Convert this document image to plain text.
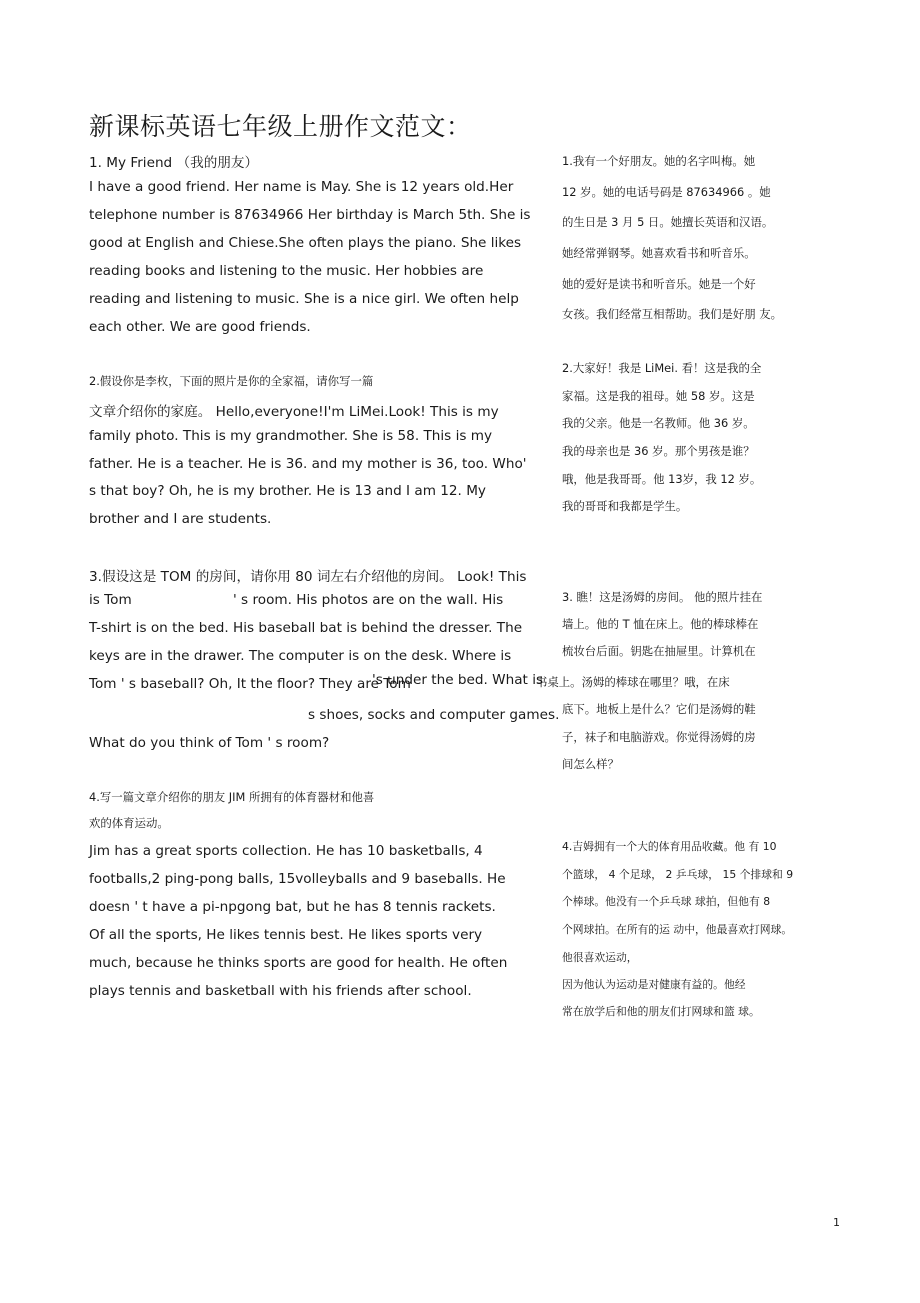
新课标英语七年级上册作文范文：
1. My Friend （我的朋友）
I have a good friend. Her name is May. She is 12 years old.Her
telephone number is 87634966 Her birthday is March 5th. She is
good at English and Chiese.She often plays the piano. She likes
reading books and listening to the music. Her hobbies are
reading and listening to music. She is a nice girl. We often help
each other. We are good friends.
2.假设你是李枚，下面的照片是你的全家福，请你写一篇
文章介绍你的家庭。 Hello,everyone!I'm LiMei.Look! This is my
family photo. This is my grandmother. She is 58. This is my
father. He is a teacher. He is 36. and my mother is 36, too. Who'
s that boy? Oh, he is my brother. He is 13 and I am 12. My
brother and I are students.
3.假设这是 TOM 的房间，请你用 80 词左右介绍他的房间。 Look! This
is Tom	' s room. His photos are on the wall. His
T-shirt is on the bed. His baseball bat is behind the dresser. The
keys are in the drawer. The computer is on the desk. Where is
Tom ' s baseball? Oh, It the floor? They are Tom
's under the bed. What is
s shoes, socks and computer games.
What do you think of Tom ' s room?
4.写一篇文章介绍你的朋友 JIM 所拥有的体育器材和他喜
欢的体育运动。
Jim has a great sports collection. He has 10 basketballs, 4
footballs,2 ping-pong balls, 15volleyballs and 9 baseballs. He
doesn ' t have a pi-npgong bat, but he has 8 tennis rackets.
Of all the sports, He likes tennis best. He likes sports very
much, because he thinks sports are good for health. He often
plays tennis and basketball with his friends after school.
1.我有一个好朋友。她的名字叫梅。她
12 岁。她的电话号码是 87634966 。她
的生日是 3 月 5 日。她擅长英语和汉语。
她经常弹钢琴。她喜欢看书和听音乐。
她的爱好是读书和听音乐。她是一个好
女孩。我们经常互相帮助。我们是好朋 友。
2.大家好！我是 LiMei. 看！这是我的全
家福。这是我的祖母。她 58 岁。这是
我的父亲。他是一名教师。他 36 岁。
我的母亲也是 36 岁。那个男孩是谁？
哦，他是我哥哥。他 13岁，我 12 岁。
我的哥哥和我都是学生。
3. 瞧！这是汤姆的房间。 他的照片挂在
墙上。他的 T 恤在床上。他的棒球棒在
梳妆台后面。钥匙在抽屉里。计算机在
书桌上。汤姆的棒球在哪里？哦，在床
底下。地板上是什么？它们是汤姆的鞋
子，袜子和电脑游戏。你觉得汤姆的房
间怎么样？
4.吉姆拥有一个大的体育用品收藏。他 有 10
个篮球， 4 个足球， 2 乒乓球， 15 个排球和 9
个棒球。他没有一个乒乓球 球拍，但他有 8
个网球拍。在所有的运 动中，他最喜欢打网球。
他很喜欢运动，
因为他认为运动是对健康有益的。他经
常在放学后和他的朋友们打网球和篮 球。
1
